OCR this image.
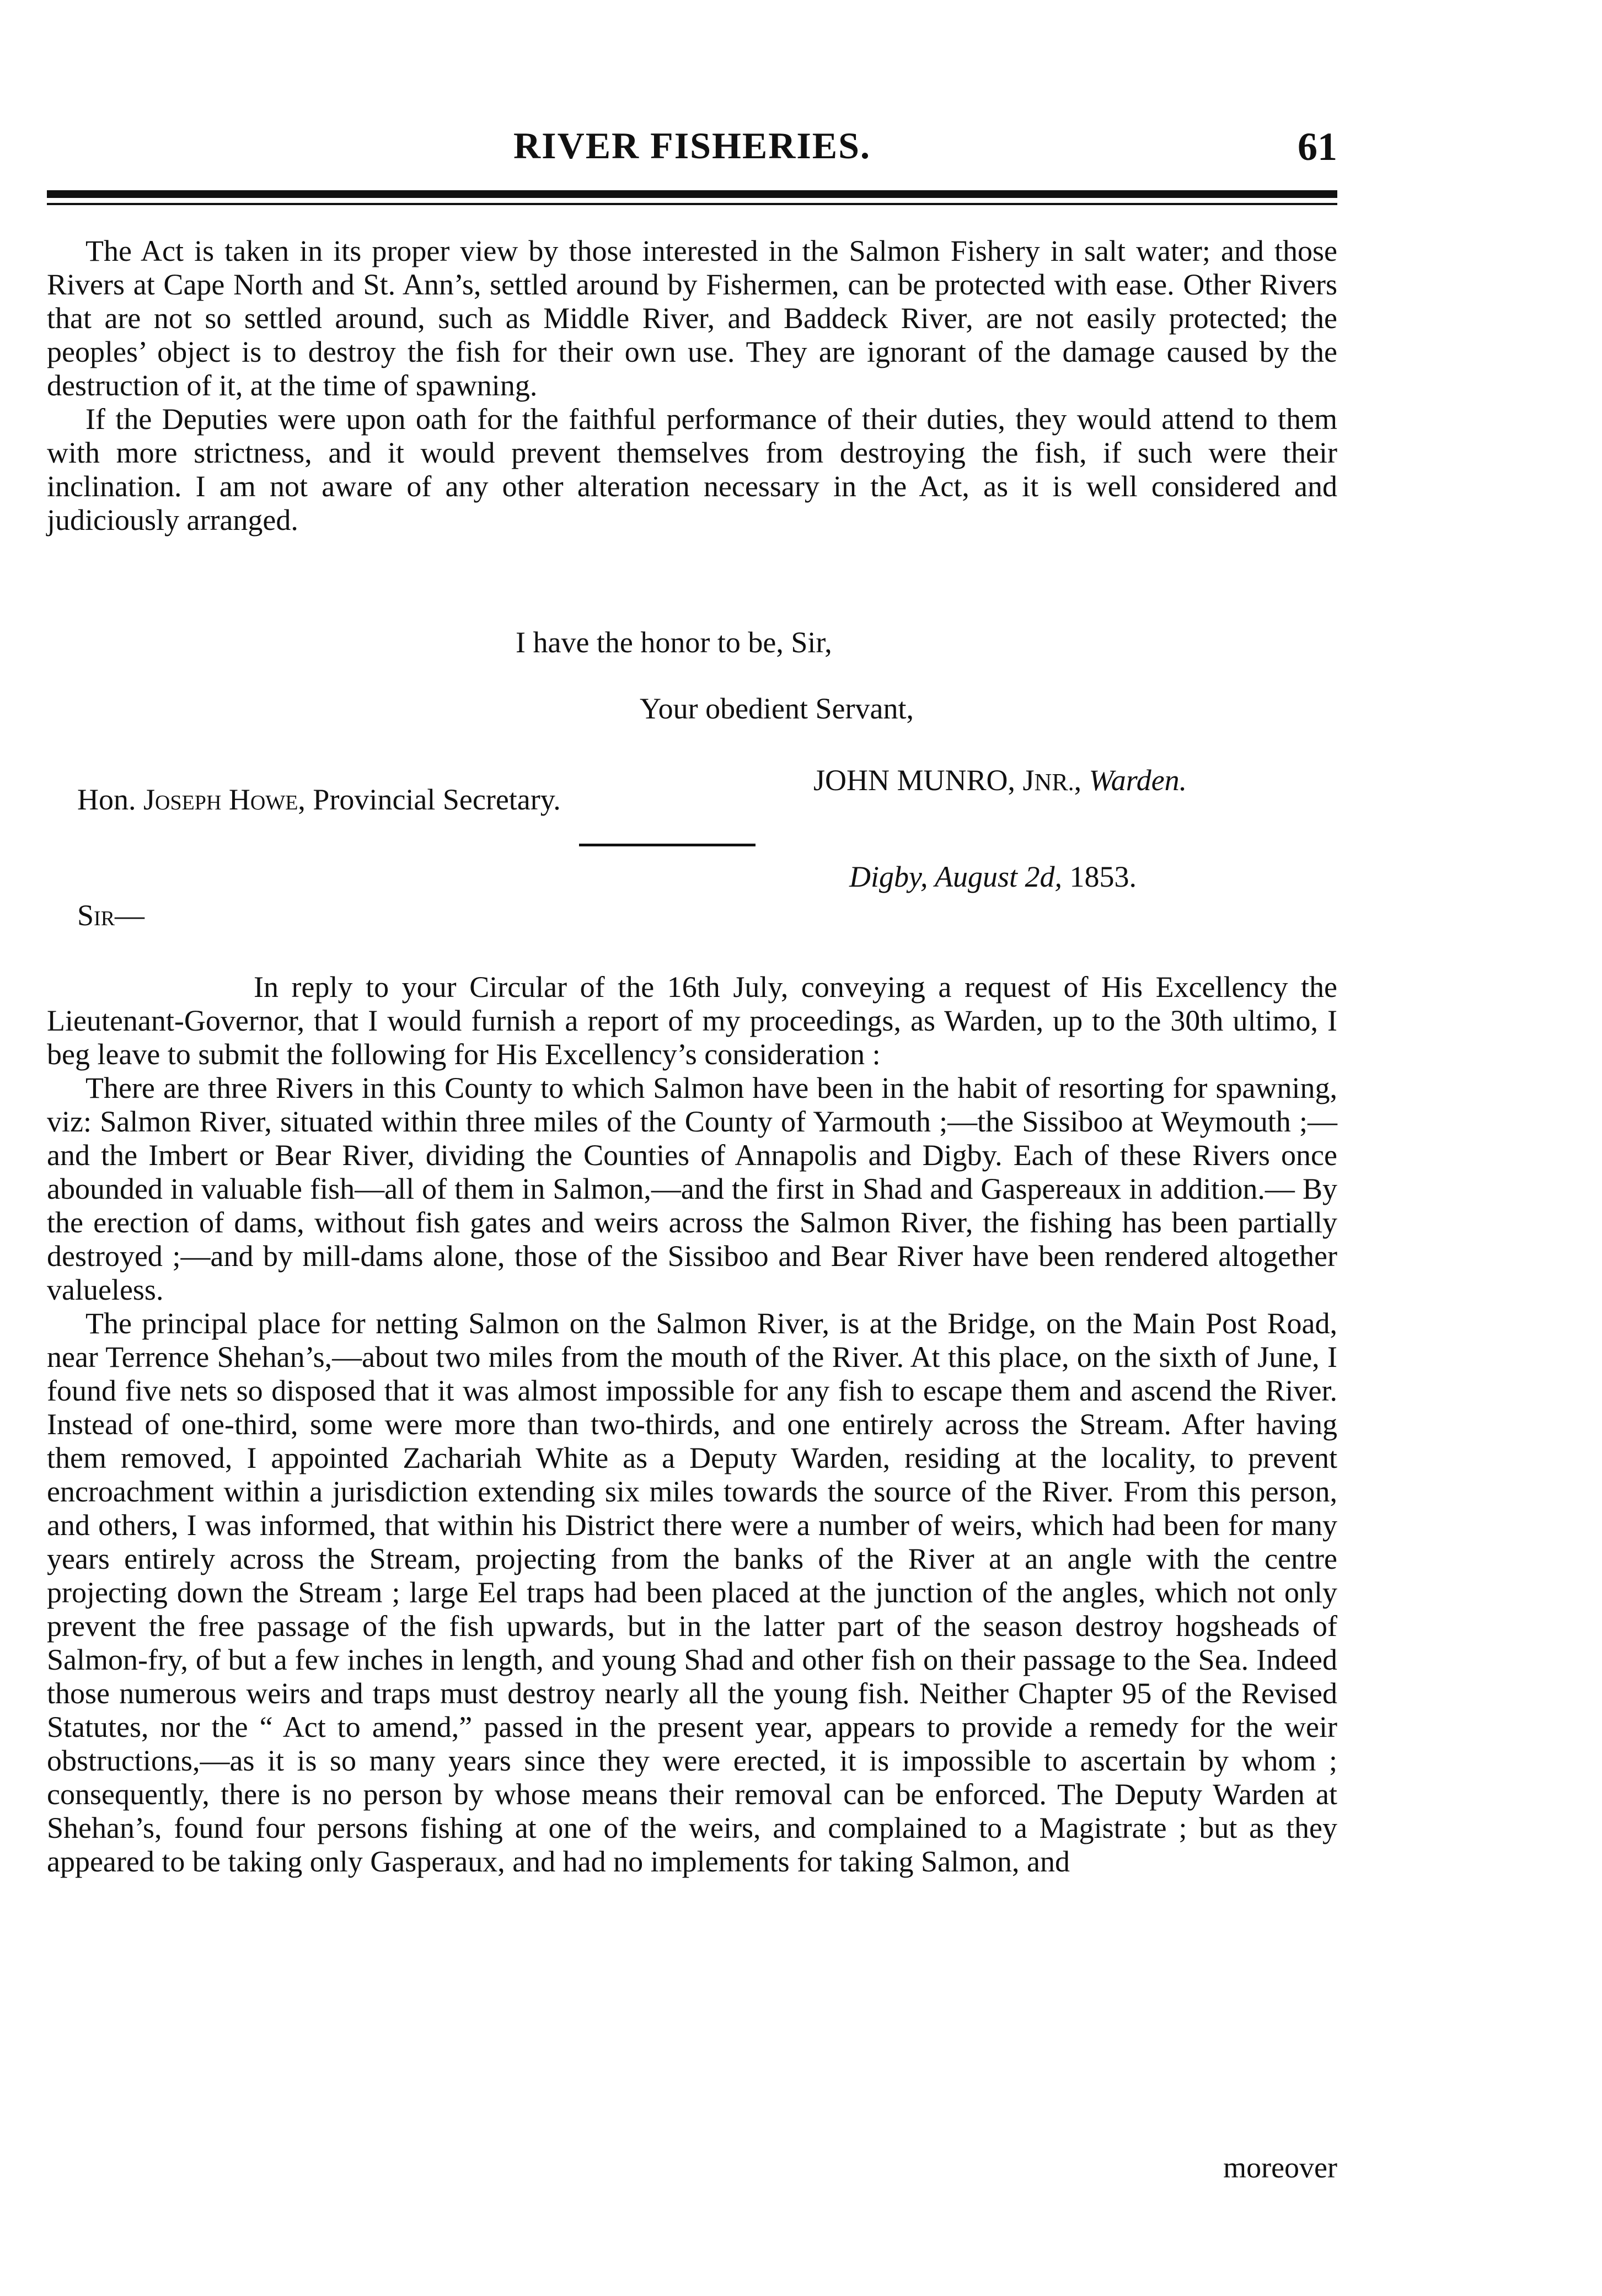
RIVER FISHERIES.	61

The Act is taken in its proper view by those interested in the Salmon Fishery in salt water; and those Rivers at Cape North and St. Ann’s, settled around by Fishermen, can be protected with ease. Other Rivers that are not so settled around, such as Middle River, and Baddeck River, are not easily protected; the peoples’ object is to destroy the fish for their own use. They are ignorant of the damage caused by the destruction of it, at the time of spawning.

If the Deputies were upon oath for the faithful performance of their duties, they would attend to them with more strictness, and it would prevent themselves from destroying the fish, if such were their inclination. I am not aware of any other alteration necessary in the Act, as it is well considered and judiciously arranged.

I have the honor to be, Sir,
Your obedient Servant,
JOHN MUNRO, JNR., Warden.
Hon. Joseph Howe, Provincial Secretary.
Digby, August 2d, 1853.
Sir—

In reply to your Circular of the 16th July, conveying a request of His Excellency the Lieutenant-Governor, that I would furnish a report of my proceedings, as Warden, up to the 30th ultimo, I beg leave to submit the following for His Excellency’s consideration :

There are three Rivers in this County to which Salmon have been in the habit of resorting for spawning, viz: Salmon River, situated within three miles of the County of Yarmouth ;—the Sissiboo at Weymouth ;—and the Imbert or Bear River, dividing the Counties of Annapolis and Digby. Each of these Rivers once abounded in valuable fish—all of them in Salmon,—and the first in Shad and Gaspereaux in addition.— By the erection of dams, without fish gates and weirs across the Salmon River, the fishing has been partially destroyed ;—and by mill-dams alone, those of the Sissiboo and Bear River have been rendered altogether valueless.

The principal place for netting Salmon on the Salmon River, is at the Bridge, on the Main Post Road, near Terrence Shehan’s,—about two miles from the mouth of the River. At this place, on the sixth of June, I found five nets so disposed that it was almost impossible for any fish to escape them and ascend the River. Instead of one-third, some were more than two-thirds, and one entirely across the Stream. After having them removed, I appointed Zachariah White as a Deputy Warden, residing at the locality, to prevent encroachment within a jurisdiction extending six miles towards the source of the River. From this person, and others, I was informed, that within his District there were a number of weirs, which had been for many years entirely across the Stream, projecting from the banks of the River at an angle with the centre projecting down the Stream ; large Eel traps had been placed at the junction of the angles, which not only prevent the free passage of the fish upwards, but in the latter part of the season destroy hogsheads of Salmon-fry, of but a few inches in length, and young Shad and other fish on their passage to the Sea. Indeed those numerous weirs and traps must destroy nearly all the young fish. Neither Chapter 95 of the Revised Statutes, nor the “ Act to amend,” passed in the present year, appears to provide a remedy for the weir obstructions,—as it is so many years since they were erected, it is impossible to ascertain by whom ; consequently, there is no person by whose means their removal can be enforced. The Deputy Warden at Shehan’s, found four persons fishing at one of the weirs, and complained to a Magistrate ; but as they appeared to be taking only Gasperaux, and had no implements for taking Salmon, and

moreover
